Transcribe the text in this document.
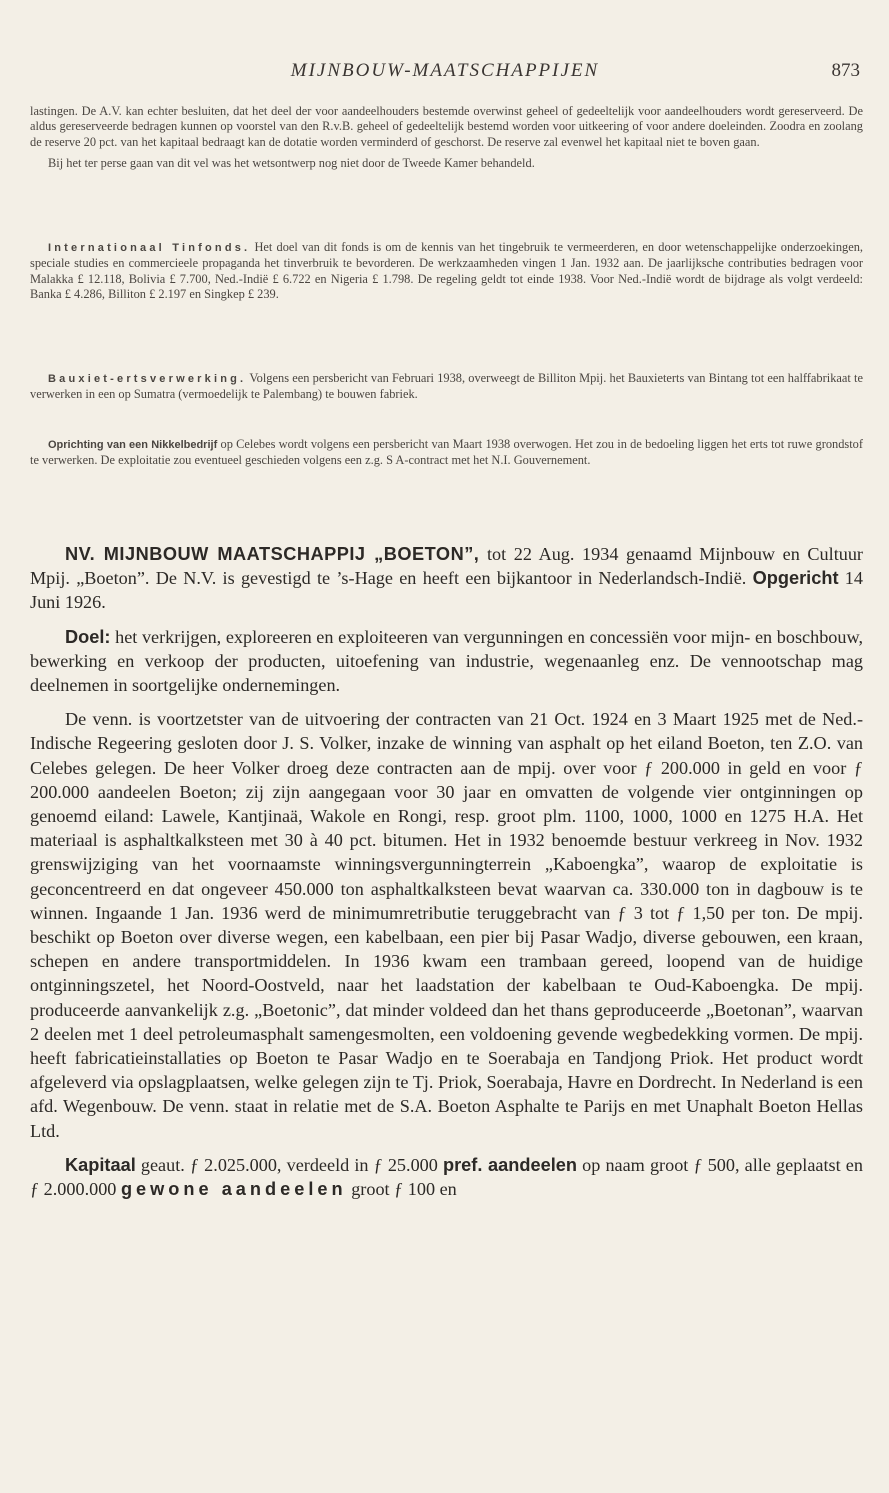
MIJNBOUW-MAATSCHAPPIJEN	873

lastingen. De A.V. kan echter besluiten, dat het deel der voor aandeelhouders bestemde overwinst geheel of gedeeltelijk voor aandeelhouders wordt gereserveerd. De aldus gereserveerde bedragen kunnen op voorstel van den R.v.B. geheel of gedeeltelijk bestemd worden voor uitkeering of voor andere doeleinden. Zoodra en zoolang de reserve 20 pct. van het kapitaal bedraagt kan de dotatie worden verminderd of geschorst. De reserve zal evenwel het kapitaal niet te boven gaan.

Bij het ter perse gaan van dit vel was het wetsontwerp nog niet door de Tweede Kamer behandeld.

Internationaal Tinfonds. Het doel van dit fonds is om de kennis van het tingebruik te vermeerderen, en door wetenschappelijke onderzoekingen, speciale studies en commercieele propaganda het tinverbruik te bevorderen. De werkzaamheden vingen 1 Jan. 1932 aan. De jaarlijksche contributies bedragen voor Malakka £ 12.118, Bolivia £ 7.700, Ned.-Indië £ 6.722 en Nigeria £ 1.798. De regeling geldt tot einde 1938. Voor Ned.-Indië wordt de bijdrage als volgt verdeeld: Banka £ 4.286, Billiton £ 2.197 en Singkep £ 239.

Bauxiet-ertsverwerking. Volgens een persbericht van Februari 1938, overweegt de Billiton Mpij. het Bauxieterts van Bintang tot een halffabrikaat te verwerken in een op Sumatra (vermoedelijk te Palembang) te bouwen fabriek.

Oprichting van een Nikkelbedrijf op Celebes wordt volgens een persbericht van Maart 1938 overwogen. Het zou in de bedoeling liggen het erts tot ruwe grondstof te verwerken. De exploitatie zou eventueel geschieden volgens een z.g. S A-contract met het N.I. Gouvernement.

NV. MIJNBOUW MAATSCHAPPIJ „BOETON”, tot 22 Aug. 1934 genaamd Mijnbouw en Cultuur Mpij. „Boeton”. De N.V. is gevestigd te ’s-Hage en heeft een bijkantoor in Nederlandsch-Indië. Opgericht 14 Juni 1926.

Doel: het verkrijgen, exploreeren en exploiteeren van vergunningen en concessiën voor mijn- en boschbouw, bewerking en verkoop der producten, uitoefening van industrie, wegenaanleg enz. De vennootschap mag deelnemen in soortgelijke ondernemingen.

De venn. is voortzetster van de uitvoering der contracten van 21 Oct. 1924 en 3 Maart 1925 met de Ned.-Indische Regeering gesloten door J. S. Volker, inzake de winning van asphalt op het eiland Boeton, ten Z.O. van Celebes gelegen. De heer Volker droeg deze contracten aan de mpij. over voor ƒ 200.000 in geld en voor ƒ 200.000 aandeelen Boeton; zij zijn aangegaan voor 30 jaar en omvatten de volgende vier ontginningen op genoemd eiland: Lawele, Kantjinaä, Wakole en Rongi, resp. groot plm. 1100, 1000, 1000 en 1275 H.A. Het materiaal is asphaltkalksteen met 30 à 40 pct. bitumen. Het in 1932 benoemde bestuur verkreeg in Nov. 1932 grenswijziging van het voornaamste winningsvergunningterrein „Kaboengka”, waarop de exploitatie is geconcentreerd en dat ongeveer 450.000 ton asphaltkalksteen bevat waarvan ca. 330.000 ton in dagbouw is te winnen. Ingaande 1 Jan. 1936 werd de minimumretributie teruggebracht van ƒ 3 tot ƒ 1,50 per ton. De mpij. beschikt op Boeton over diverse wegen, een kabelbaan, een pier bij Pasar Wadjo, diverse gebouwen, een kraan, schepen en andere transportmiddelen. In 1936 kwam een trambaan gereed, loopend van de huidige ontginningszetel, het Noord-Oostveld, naar het laadstation der kabelbaan te Oud-Kaboengka. De mpij. produceerde aanvankelijk z.g. „Boetonic”, dat minder voldeed dan het thans geproduceerde „Boetonan”, waarvan 2 deelen met 1 deel petroleumasphalt samengesmolten, een voldoening gevende wegbedekking vormen. De mpij. heeft fabricatieinstallaties op Boeton te Pasar Wadjo en te Soerabaja en Tandjong Priok. Het product wordt afgeleverd via opslagplaatsen, welke gelegen zijn te Tj. Priok, Soerabaja, Havre en Dordrecht. In Nederland is een afd. Wegenbouw. De venn. staat in relatie met de S.A. Boeton Asphalte te Parijs en met Unaphalt Boeton Hellas Ltd.

Kapitaal geaut. ƒ 2.025.000, verdeeld in ƒ 25.000 pref. aandeelen op naam groot ƒ 500, alle geplaatst en ƒ 2.000.000 gewone aandeelen groot ƒ 100 en
